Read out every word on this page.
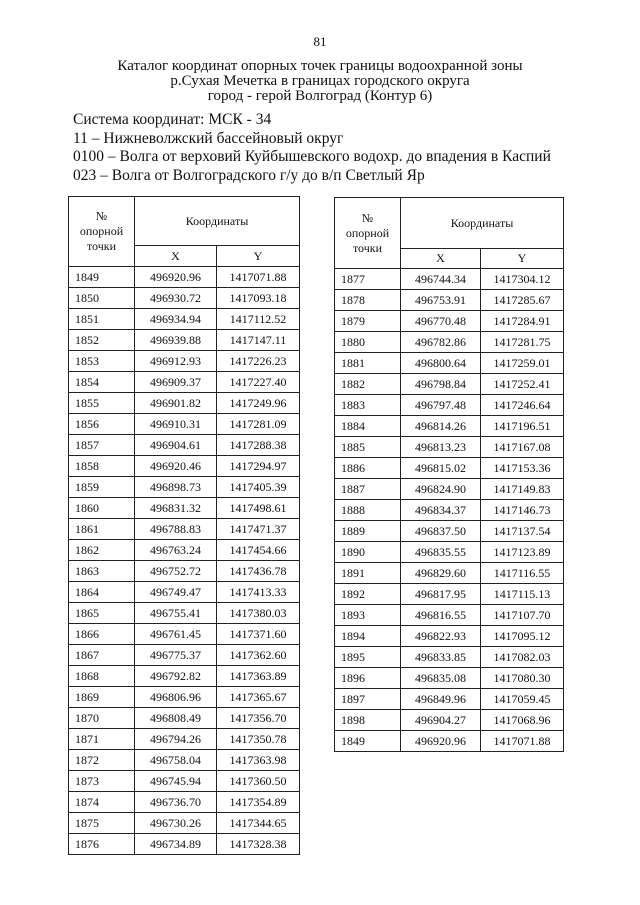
81
Каталог координат опорных точек границы водоохранной зоны
р.Сухая Мечетка в границах городского округа
город - герой Волгоград (Контур 6)
Система координат: МСК - 34
11 – Нижневолжский бассейновый округ
0100 – Волга от верховий Куйбышевского водохр. до впадения в Каспий
023 – Волга от Волгоградского г/у до в/п Светлый Яр
№
опорной
точки	Координаты	
	X	Y
1849	496920.96	1417071.88
1850	496930.72	1417093.18
1851	496934.94	1417112.52
1852	496939.88	1417147.11
1853	496912.93	1417226.23
1854	496909.37	1417227.40
1855	496901.82	1417249.96
1856	496910.31	1417281.09
1857	496904.61	1417288.38
1858	496920.46	1417294.97
1859	496898.73	1417405.39
1860	496831.32	1417498.61
1861	496788.83	1417471.37
1862	496763.24	1417454.66
1863	496752.72	1417436.78
1864	496749.47	1417413.33
1865	496755.41	1417380.03
1866	496761.45	1417371.60
1867	496775.37	1417362.60
1868	496792.82	1417363.89
1869	496806.96	1417365.67
1870	496808.49	1417356.70
1871	496794.26	1417350.78
1872	496758.04	1417363.98
1873	496745.94	1417360.50
1874	496736.70	1417354.89
1875	496730.26	1417344.65
1876	496734.89	1417328.38
№
опорной
точки	Координаты	
	X	Y
1877	496744.34	1417304.12
1878	496753.91	1417285.67
1879	496770.48	1417284.91
1880	496782.86	1417281.75
1881	496800.64	1417259.01
1882	496798.84	1417252.41
1883	496797.48	1417246.64
1884	496814.26	1417196.51
1885	496813.23	1417167.08
1886	496815.02	1417153.36
1887	496824.90	1417149.83
1888	496834.37	1417146.73
1889	496837.50	1417137.54
1890	496835.55	1417123.89
1891	496829.60	1417116.55
1892	496817.95	1417115.13
1893	496816.55	1417107.70
1894	496822.93	1417095.12
1895	496833.85	1417082.03
1896	496835.08	1417080.30
1897	496849.96	1417059.45
1898	496904.27	1417068.96
1849	496920.96	1417071.88
